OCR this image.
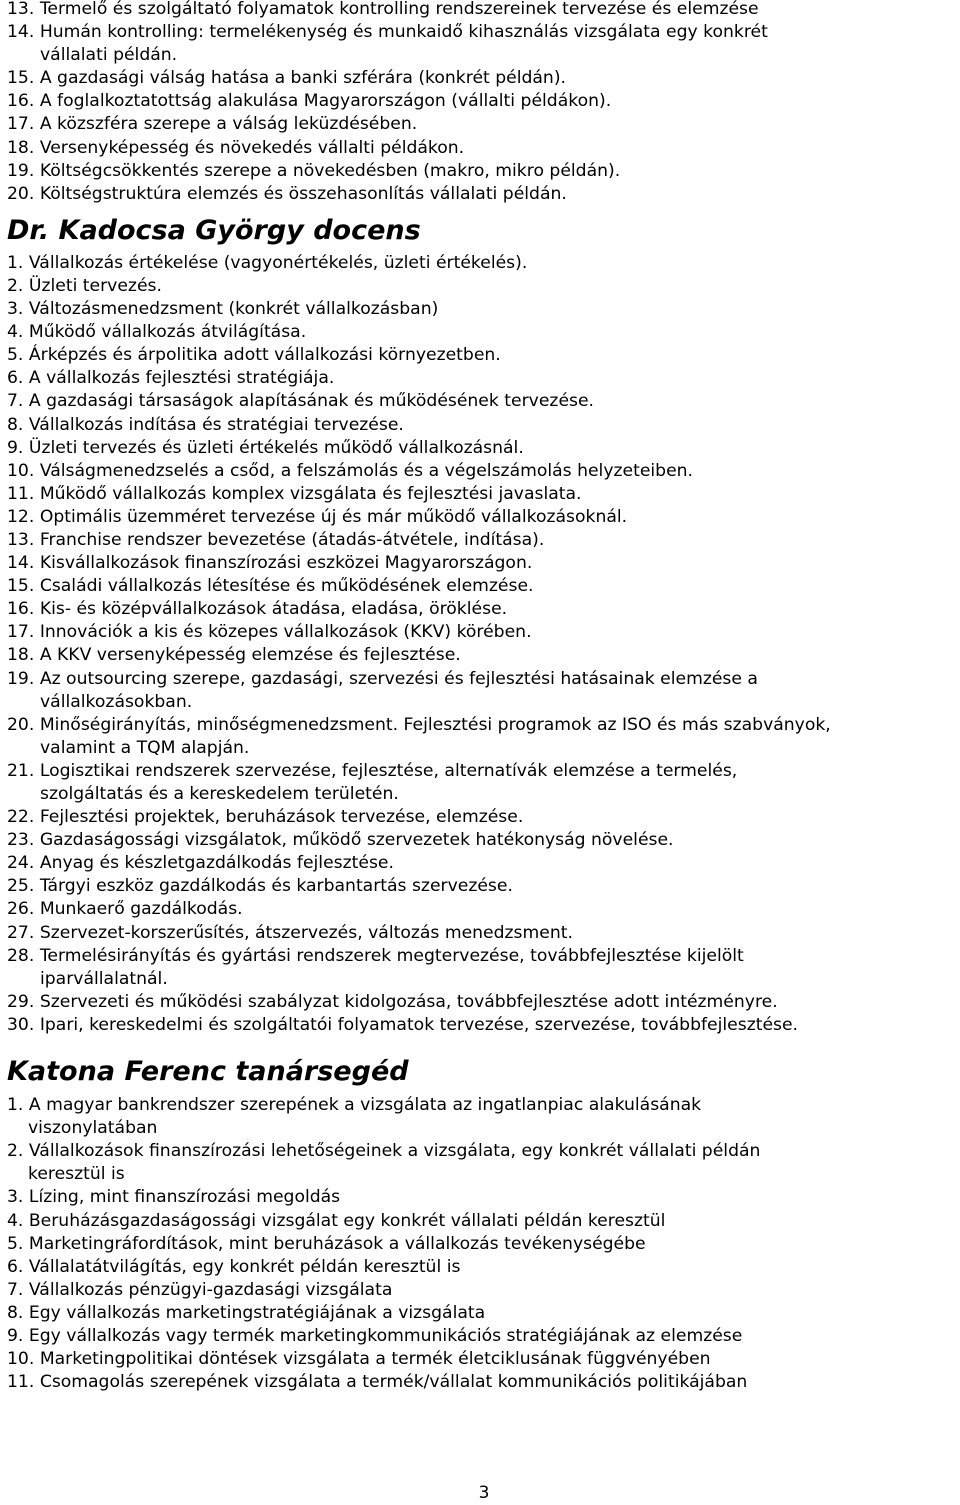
13. Termelő és szolgáltató folyamatok kontrolling rendszereinek tervezése és elemzése
14. Humán kontrolling: termelékenység és munkaidő kihasználás vizsgálata egy konkrét
vállalati példán.
15. A gazdasági válság hatása a banki szférára (konkrét példán).
16. A foglalkoztatottság alakulása Magyarországon (vállalti példákon).
17. A közszféra szerepe a válság leküzdésében.
18. Versenyképesség és növekedés vállalti példákon.
19. Költségcsökkentés szerepe a növekedésben (makro, mikro példán).
20. Költségstruktúra elemzés és összehasonlítás vállalati példán.
Dr. Kadocsa György docens
1. Vállalkozás értékelése (vagyonértékelés, üzleti értékelés).
2. Üzleti tervezés.
3. Változásmenedzsment (konkrét vállalkozásban)
4. Működő vállalkozás átvilágítása.
5. Árképzés és árpolitika adott vállalkozási környezetben.
6. A vállalkozás fejlesztési stratégiája.
7. A gazdasági társaságok alapításának és működésének tervezése.
8. Vállalkozás indítása és stratégiai tervezése.
9. Üzleti tervezés és üzleti értékelés működő vállalkozásnál.
10. Válságmenedzselés a csőd, a felszámolás és a végelszámolás helyzeteiben.
11. Működő vállalkozás komplex vizsgálata és fejlesztési javaslata.
12. Optimális üzemméret tervezése új és már működő vállalkozásoknál.
13. Franchise rendszer bevezetése (átadás-átvétele, indítása).
14. Kisvállalkozások finanszírozási eszközei Magyarországon.
15. Családi vállalkozás létesítése és működésének elemzése.
16. Kis- és középvállalkozások átadása, eladása, öröklése.
17. Innovációk a kis és közepes vállalkozások (KKV) körében.
18. A KKV versenyképesség elemzése és fejlesztése.
19. Az outsourcing szerepe, gazdasági, szervezési és fejlesztési hatásainak elemzése a
vállalkozásokban.
20. Minőségirányítás, minőségmenedzsment. Fejlesztési programok az ISO és más szabványok,
valamint a TQM alapján.
21. Logisztikai rendszerek szervezése, fejlesztése, alternatívák elemzése a termelés,
szolgáltatás és a kereskedelem területén.
22. Fejlesztési projektek, beruházások tervezése, elemzése.
23. Gazdaságossági vizsgálatok, működő szervezetek hatékonyság növelése.
24. Anyag és készletgazdálkodás fejlesztése.
25. Tárgyi eszköz gazdálkodás és karbantartás szervezése.
26. Munkaerő gazdálkodás.
27. Szervezet-korszerűsítés, átszervezés, változás menedzsment.
28. Termelésirányítás és gyártási rendszerek megtervezése, továbbfejlesztése kijelölt
iparvállalatnál.
29. Szervezeti és működési szabályzat kidolgozása, továbbfejlesztése adott intézményre.
30. Ipari, kereskedelmi és szolgáltatói folyamatok tervezése, szervezése, továbbfejlesztése.
Katona Ferenc tanársegéd
1. A magyar bankrendszer szerepének a vizsgálata az ingatlanpiac alakulásának
viszonylatában
2. Vállalkozások finanszírozási lehetőségeinek a vizsgálata, egy konkrét vállalati példán
keresztül is
3. Lízing, mint finanszírozási megoldás
4. Beruházásgazdaságossági vizsgálat egy konkrét vállalati példán keresztül
5. Marketingráfordítások, mint beruházások a vállalkozás tevékenységébe
6. Vállalatátvilágítás, egy konkrét példán keresztül is
7. Vállalkozás pénzügyi-gazdasági vizsgálata
8. Egy vállalkozás marketingstratégiájának a vizsgálata
9. Egy vállalkozás vagy termék marketingkommunikációs stratégiájának az elemzése
10. Marketingpolitikai döntések vizsgálata a termék életciklusának függvényében
11. Csomagolás szerepének vizsgálata a termék/vállalat kommunikációs politikájában
3
